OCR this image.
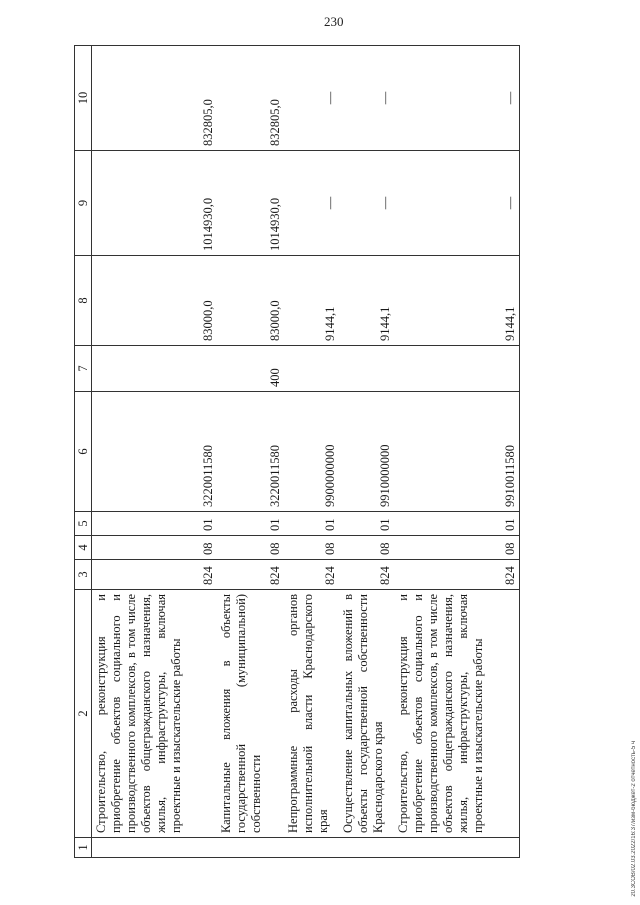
230
1	2	3	4	5	6	7	8	9	10
	Строительство, реконструкция и приобретение объектов социального и производственного комплексов, в том числе объектов общегражданского назначения, жилья, инфраструктуры, включая проектные и изыскательские работы	824	08	01	3220011580		83000,0	1014930,0	832805,0
	Капитальные вложения в объекты государственной (муниципальной) собственности	824	08	01	3220011580	400	83000,0	1014930,0	832805,0
	Непрограммные расходы органов исполнительной власти Краснодарского края	824	08	01	9900000000		9144,1	—	—
	Осуществление капитальных вложений в объекты государственной собственности Краснодарского края	824	08	01	9910000000		9144,1	—	—
	Строительство, реконструкция и приобретение объектов социального и производственного комплексов, в том числе объектов общегражданского назначения, жилья, инфраструктуры, включая проектные и изыскательские работы	824	08	01	9910011580		9144,1	—	—
20.3СОВ/02.03.2022/16:37/изм-бюджет-2 отчетность-5 ч
